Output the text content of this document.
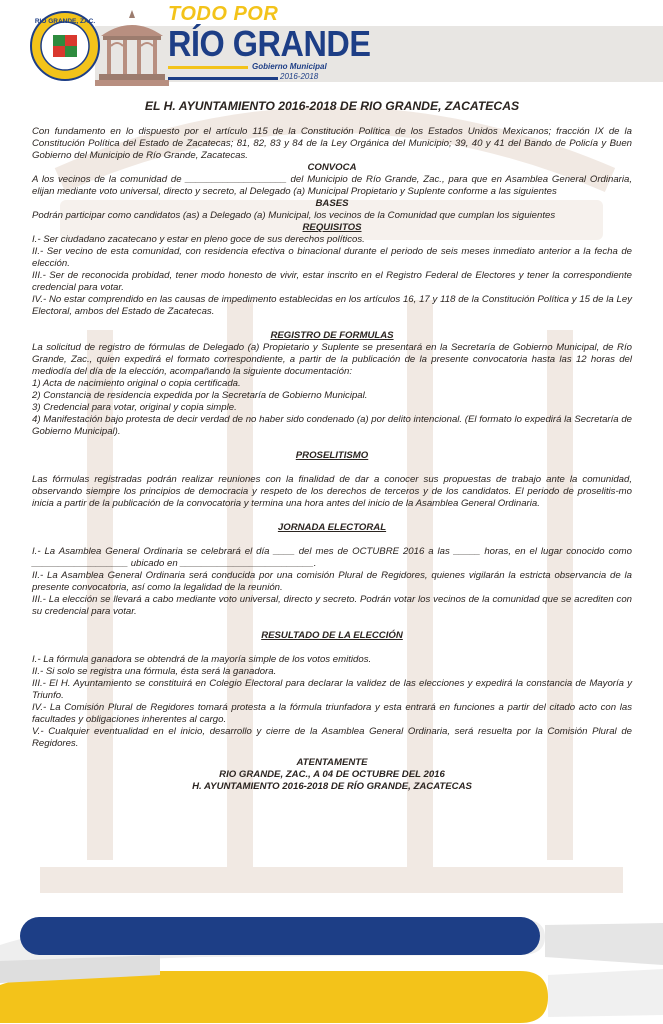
RIO GRANDE, ZAC.	TODO POR
RÍO GRANDE
Gobierno Municipal
2016-2018
EL H. AYUNTAMIENTO 2016-2018 DE RIO GRANDE, ZACATECAS

Con fundamento en lo dispuesto por el artículo 115 de la Constitución Política de los Estados Unidos Mexicanos; fracción IX de la Constitución Política del Estado de Zacatecas; 81, 82, 83 y 84 de la Ley Orgánica del Municipio; 39, 40 y 41 del Bando de Policía y Buen Gobierno del Municipio de Río Grande, Zacatecas.

CONVOCA

A los vecinos de la comunidad de ___________________ del Municipio de Río Grande, Zac., para que en Asamblea General Ordinaria, elijan mediante voto universal, directo y secreto, al Delegado (a) Municipal Propietario y Suplente conforme a las siguientes

BASES

Podrán participar como candidatos (as) a Delegado (a) Municipal, los vecinos de la Comunidad que cumplan los siguientes

REQUISITOS

I.- Ser ciudadano zacatecano y estar en pleno goce de sus derechos políticos.

II.- Ser vecino de esta comunidad, con residencia efectiva o binacional durante el periodo de seis meses inmediato anterior a la fecha de elección.

III.- Ser de reconocida probidad, tener modo honesto de vivir, estar inscrito en el Registro Federal de Electores y tener la correspondiente credencial para votar.

IV.- No estar comprendido en las causas de impedimento establecidas en los artículos 16, 17 y 118 de la Constitución Política y 15 de la Ley Electoral, ambos del Estado de Zacatecas.

REGISTRO DE FORMULAS

La solicitud de registro de fórmulas de Delegado (a) Propietario y Suplente se presentará en la Secretaría de Gobierno Municipal, de Río Grande, Zac., quien expedirá el formato correspondiente, a partir de la publicación de la presente convocatoria hasta las 12 horas del mediodía del día de la elección, acompañando la siguiente documentación:

1) Acta de nacimiento original o copia certificada.

2) Constancia de residencia expedida por la Secretaría de Gobierno Municipal.

3) Credencial para votar, original y copia simple.

4) Manifestación bajo protesta de decir verdad de no haber sido condenado (a) por delito intencional. (El formato lo expedirá la Secretaría de Gobierno Municipal).

PROSELITISMO

Las fórmulas registradas podrán realizar reuniones con la finalidad de dar a conocer sus propuestas de trabajo ante la comunidad, observando siempre los principios de democracia y respeto de los derechos de terceros y de los candidatos. El periodo de proselitis-mo inicia a partir de la publicación de la convocatoria y termina una hora antes del inicio de la Asamblea General Ordinaria.

JORNADA ELECTORAL

I.- La Asamblea General Ordinaria se celebrará el día ____ del mes de OCTUBRE 2016 a las _____ horas, en el lugar conocido como __________________ ubicado en _________________________.

II.- La Asamblea General Ordinaria será conducida por una comisión Plural de Regidores, quienes vigilarán la estricta observancia de la presente convocatoria, así como la legalidad de la reunión.

III.- La elección se llevará a cabo mediante voto universal, directo y secreto. Podrán votar los vecinos de la comunidad que se acrediten con su credencial para votar.

RESULTADO DE LA ELECCIÓN

I.- La fórmula ganadora se obtendrá de la mayoría simple de los votos emitidos.

II.- Si solo se registra una fórmula, ésta será la ganadora.

III.- El H. Ayuntamiento se constituirá en Colegio Electoral para declarar la validez de las elecciones y expedirá la constancia de Mayoría y Triunfo.

IV.- La Comisión Plural de Regidores tomará protesta a la fórmula triunfadora y esta entrará en funciones a partir del citado acto con las facultades y obligaciones inherentes al cargo.

V.- Cualquier eventualidad en el inicio, desarrollo y cierre de la Asamblea General Ordinaria, será resuelta por la Comisión Plural de Regidores.

ATENTAMENTE

RIO GRANDE, ZAC., A 04 DE OCTUBRE DEL 2016

H. AYUNTAMIENTO 2016-2018 DE RÍO GRANDE, ZACATECAS
